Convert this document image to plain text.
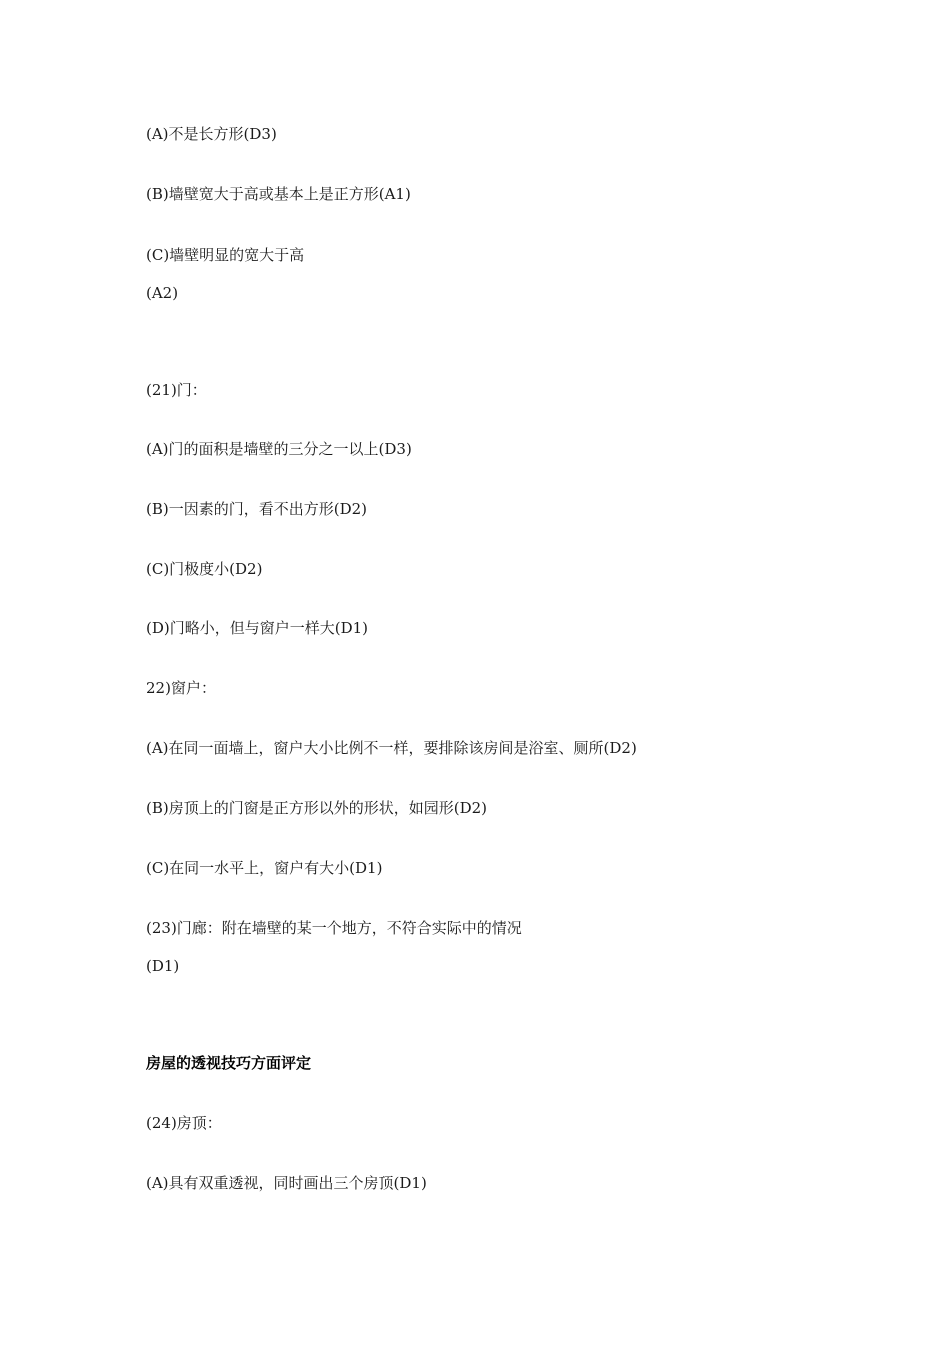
(A)不是长方形(D3)
(B)墙壁宽大于高或基本上是正方形(A1)
(C)墙壁明显的宽大于高
(A2)
(21)门：
(A)门的面积是墙壁的三分之一以上(D3)
(B)一因素的门，看不出方形(D2)
(C)门极度小(D2)
(D)门略小，但与窗户一样大(D1)
22)窗户：
(A)在同一面墙上，窗户大小比例不一样，要排除该房间是浴室、厕所(D2)
(B)房顶上的门窗是正方形以外的形状，如园形(D2)
(C)在同一水平上，窗户有大小(D1)
(23)门廊：附在墙壁的某一个地方，不符合实际中的情况
(D1)
房屋的透视技巧方面评定
(24)房顶：
(A)具有双重透视，同时画出三个房顶(D1)
